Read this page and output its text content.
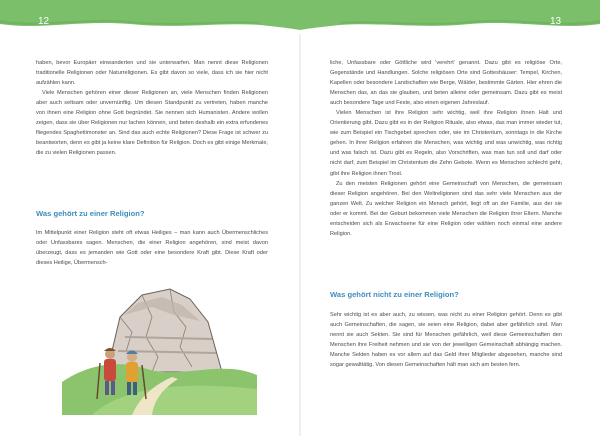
12	13

haben, bevor Europäer einwanderten und sie unterwarfen. Man nennt diese Religionen traditionelle Religionen oder Naturreligionen. Es gibt davon so viele, dass ich sie hier nicht aufzählen kann.

Viele Menschen gehören einer dieser Religionen an, viele Menschen finden Religionen aber auch seltsam oder unvernünftig. Um diesen Standpunkt zu vertreten, haben manche von ihnen eine Religion ohne Gott begründet. Sie nennen sich Humanisten. Andere wollen zeigen, dass sie über Religionen nur lachen können, und beten deshalb ein extra erfundenes fliegendes Spaghettimonster an. Sind das auch echte Religionen? Diese Frage ist schwer zu beantworten, denn es gibt ja keine klare Definition für Religion. Doch es gibt einige Merkmale, die zu vielen Religionen passen.

Was gehört zu einer Religion?

Im Mittelpunkt einer Religion steht oft etwas Heiliges – man kann auch Übermenschliches oder Unfassbares sagen. Menschen, die einer Religion angehören, sind meist davon überzeugt, dass es jemanden wie Gott oder eine besondere Kraft gibt. Diese Kraft oder dieses Heilige, Übermensch-

liche, Unfassbare oder Göttliche wird 'verehrt' genannt. Dazu gibt es religiöse Orte, Gegenstände und Handlungen. Solche religiösen Orte sind Gotteshäuser: Tempel, Kirchen, Kapellen oder besondere Landschaften wie Berge, Wälder, bestimmte Gärten. Hier ehren die Menschen das, an das sie glauben, und beten alleine oder gemeinsam. Dazu gibt es meist auch besondere Tage und Feste, also einen eigenen Jahreslauf.

Vielen Menschen ist ihre Religion sehr wichtig, weil ihre Religion ihnen Halt und Orientierung gibt. Dazu gibt es in der Religion Rituale, also etwas, das man immer wieder tut, wie zum Beispiel ein Tischgebet sprechen oder, wie im Christentum, sonntags in die Kirche gehen. In ihrer Religion erfahren die Menschen, was wichtig und was unwichtig, was richtig und was falsch ist. Dazu gibt es Regeln, also Vorschriften, was man tun soll und darf oder nicht darf, zum Beispiel im Christentum die Zehn Gebote. Wenn es Menschen schlecht geht, gibt ihre Religion ihnen Trost.

Zu den meisten Religionen gehört eine Gemeinschaft von Menschen, die gemeinsam dieser Religion angehören. Bei den Weltreligionen sind das sehr viele Menschen aus der ganzen Welt. Zu welcher Religion ein Mensch gehört, liegt oft an der Familie, aus der sie oder er kommt. Bei der Geburt bekommen viele Menschen die Religion ihrer Eltern. Manche entscheiden sich als Erwachsene für eine Religion oder wählen noch einmal eine andere Religion.

Was gehört nicht zu einer Religion?

Sehr wichtig ist es aber auch, zu wissen, was nicht zu einer Religion gehört. Denn es gibt auch Gemeinschaften, die sagen, sie seien eine Religion, dabei aber gefährlich sind. Man nennt sie auch Sekten. Sie sind für Menschen gefährlich, weil diese Gemeinschaften den Menschen ihre Freiheit nehmen und sie von der jeweiligen Gemeinschaft abhängig machen. Manche Sekten haben es vor allem auf das Geld ihrer Mitglieder abgesehen, manche sind sogar gewalttätig. Von diesen Gemeinschaften hält man sich am besten fern.
